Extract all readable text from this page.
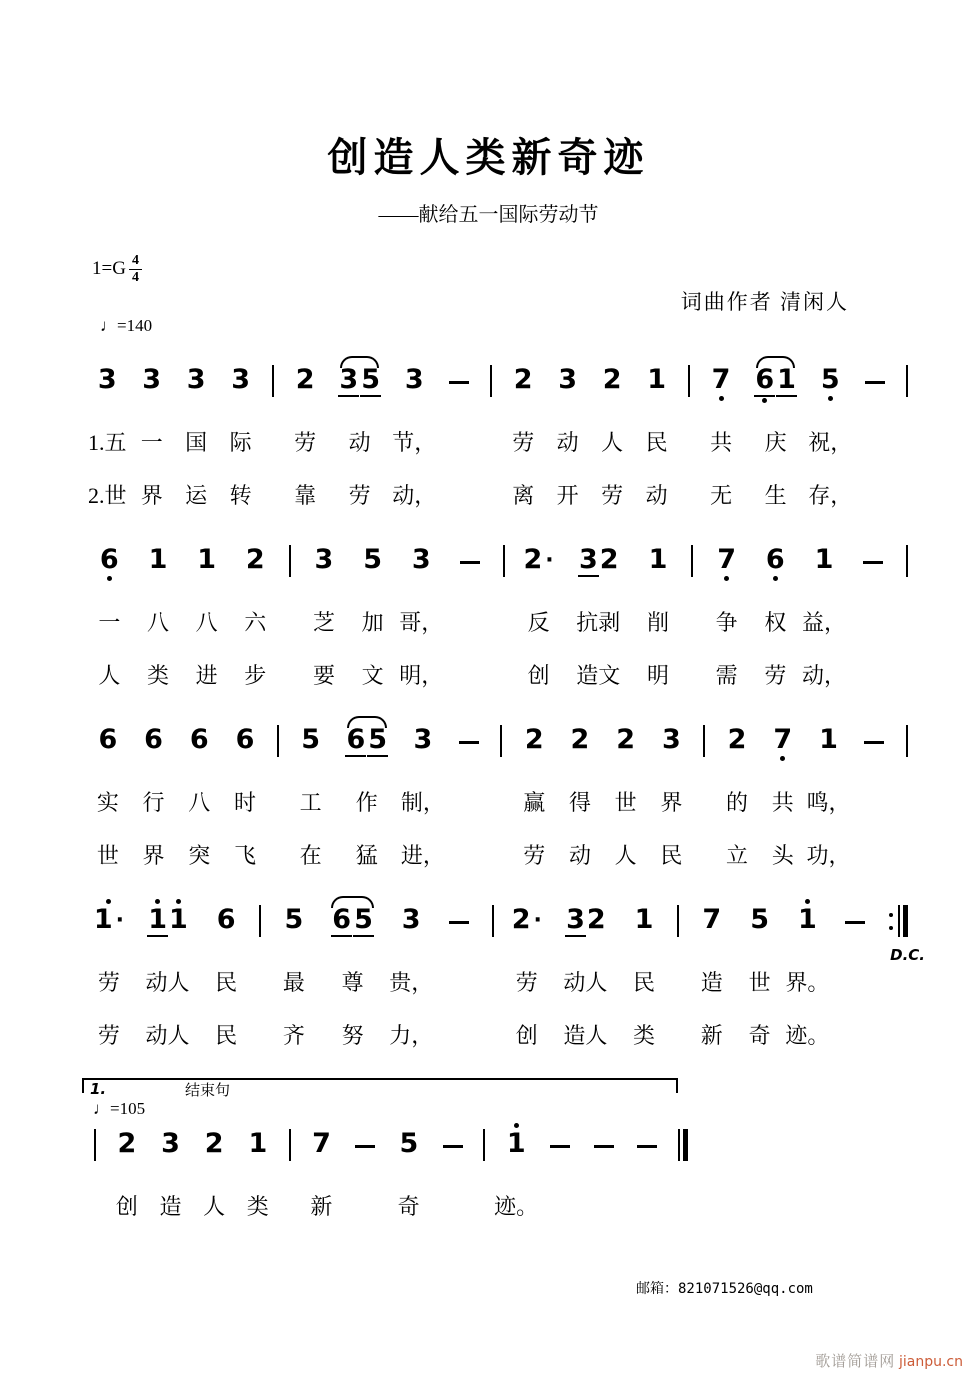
创造人类新奇迹
——献给五一国际劳动节
$1=G \frac{4}{4}$
词曲作者 清闲人
♩=140
3 3 3 3 2 3 5 3	2 3 2 1 7 6 1 5
1.五 一 国 际 劳 动 节，	劳 动 人 民 共 庆 祝，
2.世 界 运 转 靠 劳 动，	离 开 劳 动 无 生 存，
6 1 1 2 3 5 3	2 · 3 2 1 7 6 1
一 八 八 六 芝 加 哥，	反 抗剥 削 争 权 益，
人 类 进 步 要 文 明，	创 造文 明 需 劳 动，
6 6 6 6 5 6 5 3	2 2 2 3 2 7 1
实 行 八 时 工 作 制，	赢 得 世 界 的 共 鸣，
世 界 突 飞 在 猛 进，	劳 动 人 民 立 头 功，
1 · 1 1 6 5 6 5 3	2 · 3 2 1 7 5 1
劳 动人 民 最 尊 贵，	劳 动人 民 造 世 界。
劳 动人 民 齐 努 力，	创 造人 类 新 奇 迹。
D.C.
1.	结束句
♩=105
2 3 2 1 7	5	1
创 造 人 类 新	奇	迹。
邮箱：821071526@qq.com
歌谱简谱网 jianpu.cn
